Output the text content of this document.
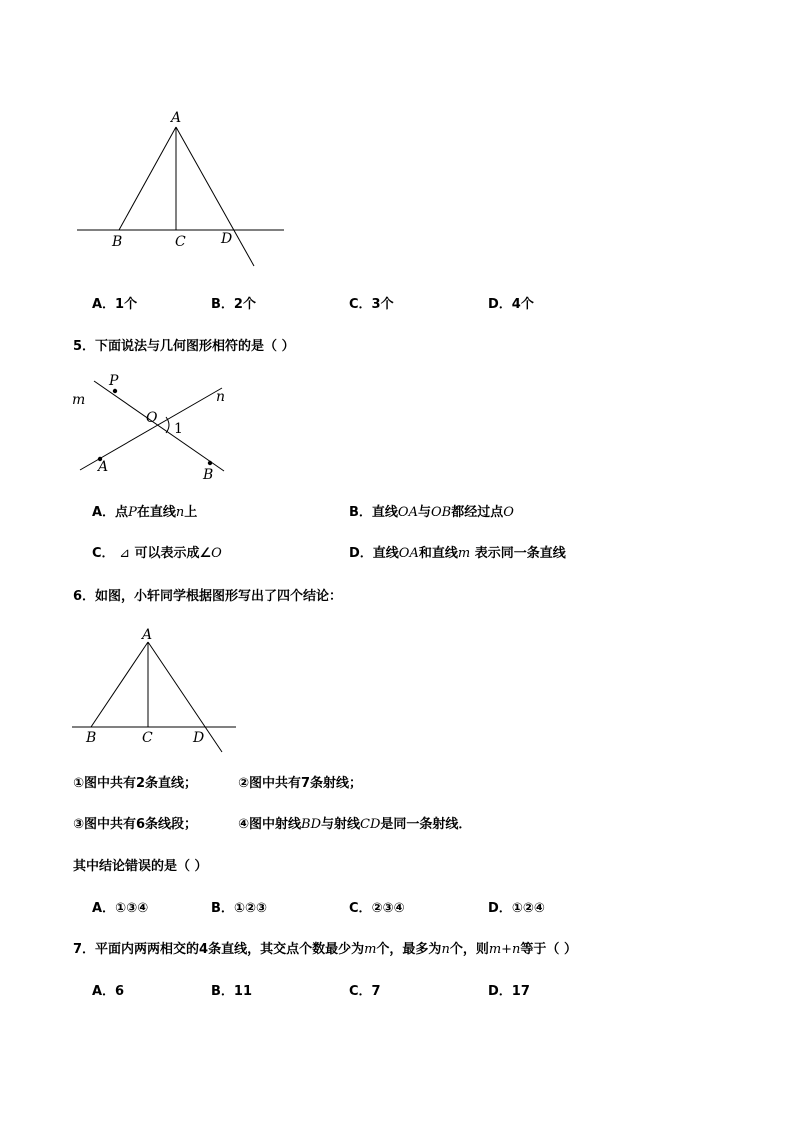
A
B	C	D
A．1个	B．2个	C．3个	D．4个
5．下面说法与几何图形相符的是（ ）
m	n
P
O
A	B
1
A．点P在直线n上	B．直线OA与OB都经过点O
C． ⊿ 可以表示成∠O	D．直线OA和直线m 表示同一条直线
6．如图，小轩同学根据图形写出了四个结论：
A
B	C	D
①图中共有2条直线；	②图中共有7条射线；
③图中共有6条线段；	④图中射线BD与射线CD是同一条射线．
其中结论错误的是（ ）
A．①③④	B．①②③	C．②③④	D．①②④
7．平面内两两相交的4条直线，其交点个数最少为m个，最多为n个，则m+n等于（ ）
A．6	B．11	C．7	D．17
